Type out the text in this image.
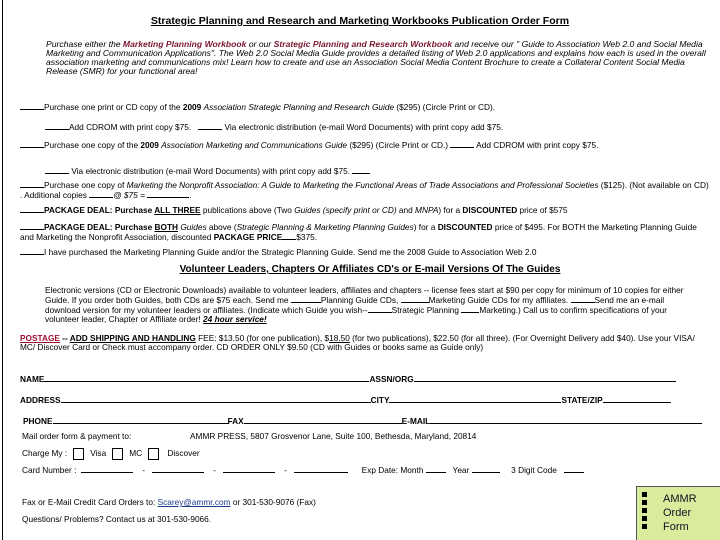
Strategic Planning and Research and Marketing Workbooks Publication Order Form
Purchase either the Marketing Planning Workbook or our Strategic Planning and Research Workbook and receive our " Guide to Association Web 2.0 and Social Media Marketing and Communication Applications". The Web 2.0 Social Media Guide provides a detailed listing of Web 2.0 applications and explains how each is used in the overall association marketing and communications mix! Learn how to create and use an Association Social Media Content Brochure to create a Collateral Content Social Media Release (SMR) for your functional area!
Purchase one print or CD copy of the 2009 Association Strategic Planning and Research Guide ($295) (Circle Print or CD).
Add CDROM with print copy $75.	Via electronic distribution (e-mail Word Documents) with print copy add $75.
Purchase one copy of the 2009 Association Marketing and Communications Guide ($295) (Circle Print or CD.)	Add CDROM with print copy $75.
Via electronic distribution (e-mail Word Documents) with print copy add $75.
Purchase one copy of Marketing the Nonprofit Association: A Guide to Marketing the Functional Areas of Trade Associations and Professional Societies ($125). (Not available on CD) . Additional copies	@ $75 =	.
PACKAGE DEAL: Purchase ALL THREE publications above (Two Guides (specify print or CD) and MNPA) for a DISCOUNTED price of $575
PACKAGE DEAL: Purchase BOTH Guides above (Strategic Planning & Marketing Planning Guides) for a DISCOUNTED price of $495. For BOTH the Marketing Planning Guide and Marketing the Nonprofit Association, discounted PACKAGE PRICE $375.
I have purchased the Marketing Planning Guide and/or the Strategic Planning Guide. Send me the 2008 Guide to Association Web 2.0
Volunteer Leaders, Chapters Or Affiliates CD's or E-mail Versions Of The Guides
Electronic versions (CD or Electronic Downloads) available to volunteer leaders, affiliates and chapters -- license fees start at $90 per copy for minimum of 10 copies for either Guide. If you order both Guides, both CDs are $75 each. Send me	Planning Guide CDs,	Marketing Guide CDs for my affiliates.	Send me an e-mail download version for my volunteer leaders or affiliates. (Indicate which Guide you wish--	Strategic Planning Marketing.) Call us to confirm specifications of your volunteer leader, Chapter or Affiliate order! 24 hour service!
POSTAGE -- ADD SHIPPING AND HANDLING FEE: $13.50 (for one publication), $18.50 (for two publications), $22.50 (for all three). (For Overnight Delivery add $40). Use your VISA/ MC/ Discover Card or Check must accompany order. CD ORDER ONLY $9.50 (CD with Guides or books same as Guide only)
NAME	ASSN/ORG
ADDRESS	CITY	STATE/ZIP
PHONE	FAX	E-MAIL
Mail order form & payment to:	AMMR PRESS, 5807 Grosvenor Lane, Suite 100, Bethesda, Maryland, 20814
Charge My :	Visa	MC	Discover
Card Number :	-	-	-	Exp Date: Month	Year	3 Digit Code
Fax or E-Mail Credit Card Orders to: Scarey@ammr.com or 301-530-9076 (Fax)
Questions/ Problems? Contact us at 301-530-9066.
AMMR
Order
Form
